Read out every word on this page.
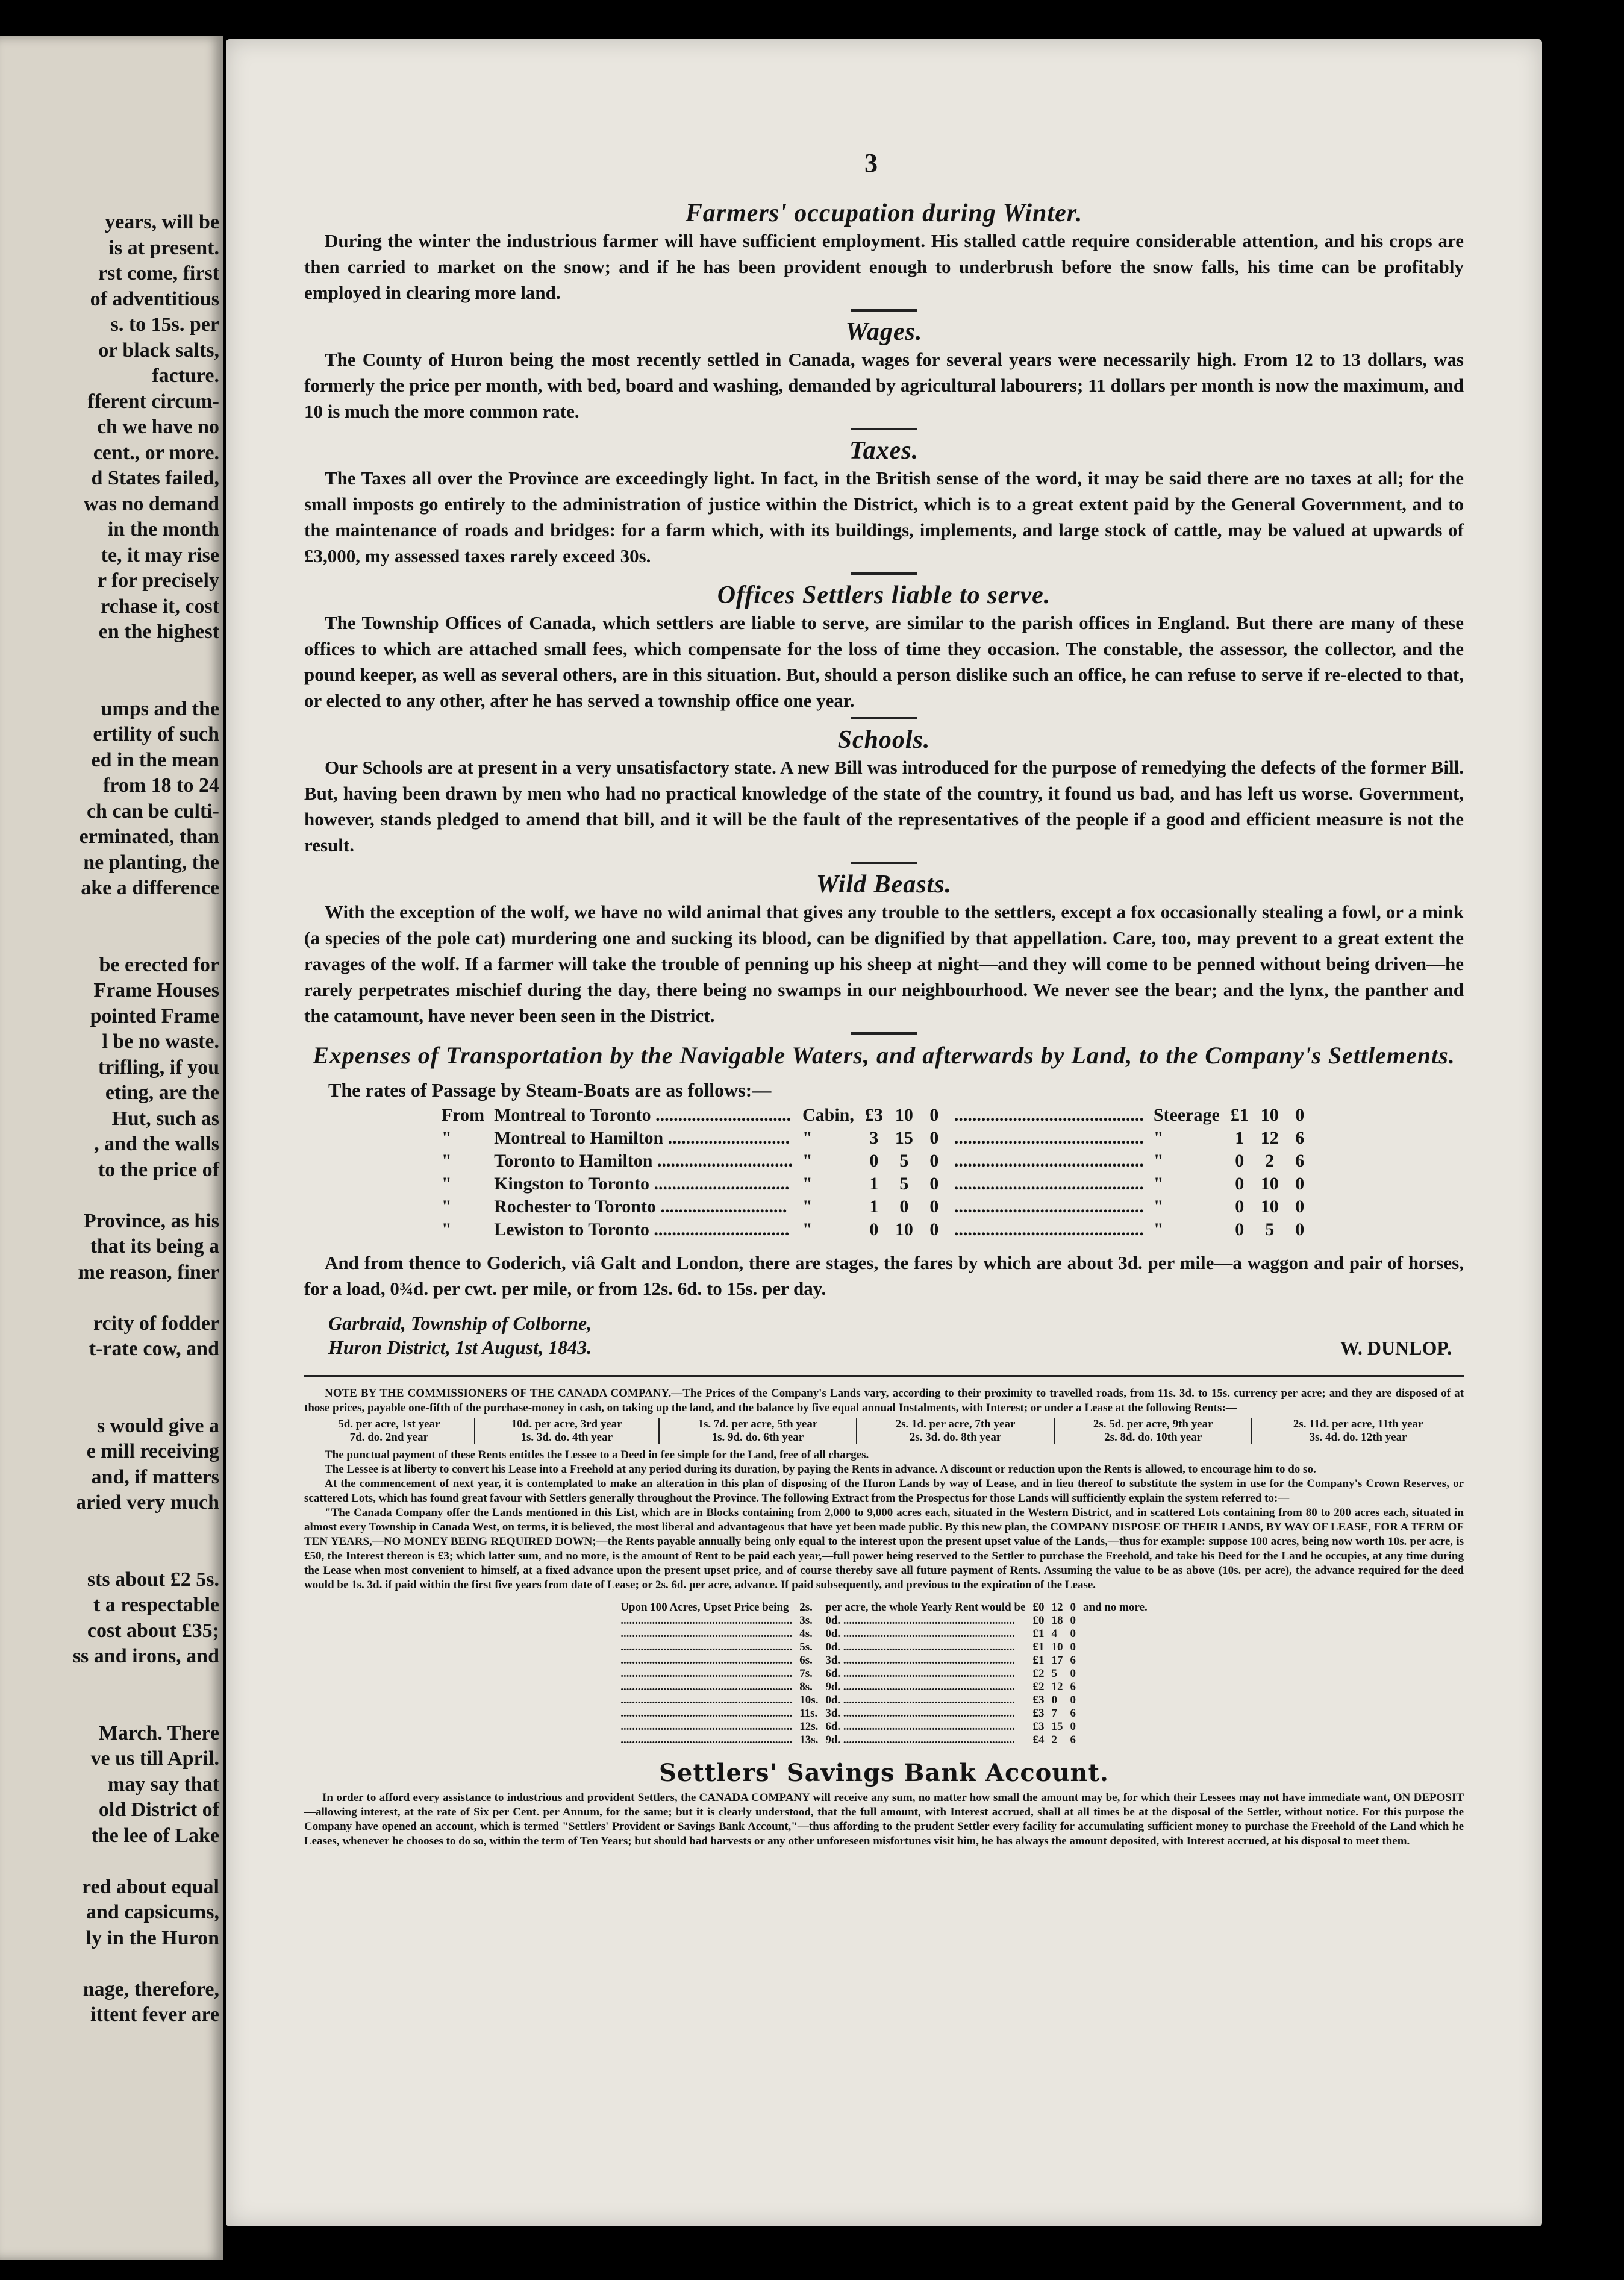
years, will be
is at present.
rst come, first
of adventitious
s. to 15s. per
or black salts,
facture.
fferent circum-
ch we have no
cent., or more.
d States failed,
was no demand
in the month
te, it may rise
r for precisely
rchase it, cost
en the highest
umps and the
ertility of such
ed in the mean
from 18 to 24
ch can be culti-
erminated, than
ne planting, the
ake a difference
be erected for
Frame Houses
pointed Frame
l be no waste.
trifling, if you
eting, are the
Hut, such as
, and the walls
to the price of
Province, as his
that its being a
me reason, finer
rcity of fodder
t-rate cow, and
s would give a
e mill receiving
and, if matters
aried very much
sts about £2 5s.
t a respectable
cost about £35;
ss and irons, and
March. There
ve us till April.
may say that
old District of
the lee of Lake
red about equal
and capsicums,
ly in the Huron
nage, therefore,
ittent fever are
3
Farmers' occupation during Winter.

During the winter the industrious farmer will have sufficient employment. His stalled cattle require considerable attention, and his crops are then carried to market on the snow; and if he has been provident enough to underbrush before the snow falls, his time can be profitably employed in clearing more land.

Wages.

The County of Huron being the most recently settled in Canada, wages for several years were necessarily high. From 12 to 13 dollars, was formerly the price per month, with bed, board and washing, demanded by agricultural labourers; 11 dollars per month is now the maximum, and 10 is much the more common rate.

Taxes.

The Taxes all over the Province are exceedingly light. In fact, in the British sense of the word, it may be said there are no taxes at all; for the small imposts go entirely to the administration of justice within the District, which is to a great extent paid by the General Government, and to the maintenance of roads and bridges: for a farm which, with its buildings, implements, and large stock of cattle, may be valued at upwards of £3,000, my assessed taxes rarely exceed 30s.

Offices Settlers liable to serve.

The Township Offices of Canada, which settlers are liable to serve, are similar to the parish offices in England. But there are many of these offices to which are attached small fees, which compensate for the loss of time they occasion. The constable, the assessor, the collector, and the pound keeper, as well as several others, are in this situation. But, should a person dislike such an office, he can refuse to serve if re-elected to that, or elected to any other, after he has served a township office one year.

Schools.

Our Schools are at present in a very unsatisfactory state. A new Bill was introduced for the purpose of remedying the defects of the former Bill. But, having been drawn by men who had no practical knowledge of the state of the country, it found us bad, and has left us worse. Government, however, stands pledged to amend that bill, and it will be the fault of the representatives of the people if a good and efficient measure is not the result.

Wild Beasts.

With the exception of the wolf, we have no wild animal that gives any trouble to the settlers, except a fox occasionally stealing a fowl, or a mink (a species of the pole cat) murdering one and sucking its blood, can be dignified by that appellation. Care, too, may prevent to a great extent the ravages of the wolf. If a farmer will take the trouble of penning up his sheep at night—and they will come to be penned without being driven—he rarely perpetrates mischief during the day, there being no swamps in our neighbourhood. We never see the bear; and the lynx, the panther and the catamount, have never been seen in the District.

Expenses of Transportation by the Navigable Waters, and afterwards by Land, to the Company's Settlements.
The rates of Passage by Steam-Boats are as follows:—
From	Montreal to Toronto ..............................	Cabin,	£3	10	0	..........................................	Steerage	£1	10	0
"	Montreal to Hamilton ...........................	"	3	15	0	..........................................	"	1	12	6
"	Toronto to Hamilton ..............................	"	0	5	0	..........................................	"	0	2	6
"	Kingston to Toronto ..............................	"	1	5	0	..........................................	"	0	10	0
"	Rochester to Toronto ............................	"	1	0	0	..........................................	"	0	10	0
"	Lewiston to Toronto ..............................	"	0	10	0	..........................................	"	0	5	0

And from thence to Goderich, viâ Galt and London, there are stages, the fares by which are about 3d. per mile—a waggon and pair of horses, for a load, 0¾d. per cwt. per mile, or from 12s. 6d. to 15s. per day.

Garbraid, Township of Colborne,
Huron District, 1st August, 1843.	W. DUNLOP.

NOTE BY THE COMMISSIONERS OF THE CANADA COMPANY.—The Prices of the Company's Lands vary, according to their proximity to travelled roads, from 11s. 3d. to 15s. currency per acre; and they are disposed of at those prices, payable one-fifth of the purchase-money in cash, on taking up the land, and the balance by five equal annual Instalments, with Interest; or under a Lease at the following Rents:—

5d. per acre, 1st year	10d. per acre, 3rd year	1s. 7d. per acre, 5th year	2s. 1d. per acre, 7th year	2s. 5d. per acre, 9th year	2s. 11d. per acre, 11th year
7d. do. 2nd year	1s. 3d. do. 4th year	1s. 9d. do. 6th year	2s. 3d. do. 8th year	2s. 8d. do. 10th year	3s. 4d. do. 12th year

The punctual payment of these Rents entitles the Lessee to a Deed in fee simple for the Land, free of all charges.

The Lessee is at liberty to convert his Lease into a Freehold at any period during its duration, by paying the Rents in advance. A discount or reduction upon the Rents is allowed, to encourage him to do so.

At the commencement of next year, it is contemplated to make an alteration in this plan of disposing of the Huron Lands by way of Lease, and in lieu thereof to substitute the system in use for the Company's Crown Reserves, or scattered Lots, which has found great favour with Settlers generally throughout the Province. The following Extract from the Prospectus for those Lands will sufficiently explain the system referred to:—

"The Canada Company offer the Lands mentioned in this List, which are in Blocks containing from 2,000 to 9,000 acres each, situated in the Western District, and in scattered Lots containing from 80 to 200 acres each, situated in almost every Township in Canada West, on terms, it is believed, the most liberal and advantageous that have yet been made public. By this new plan, the COMPANY DISPOSE OF THEIR LANDS, BY WAY OF LEASE, FOR A TERM OF TEN YEARS,—NO MONEY BEING REQUIRED DOWN;—the Rents payable annually being only equal to the interest upon the present upset value of the Lands,—thus for example: suppose 100 acres, being now worth 10s. per acre, is £50, the Interest thereon is £3; which latter sum, and no more, is the amount of Rent to be paid each year,—full power being reserved to the Settler to purchase the Freehold, and take his Deed for the Land he occupies, at any time during the Lease when most convenient to himself, at a fixed advance upon the present upset price, and of course thereby save all future payment of Rents. Assuming the value to be as above (10s. per acre), the advance required for the deed would be 1s. 3d. if paid within the first five years from date of Lease; or 2s. 6d. per acre, advance. If paid subsequently, and previous to the expiration of the Lease.

Upon 100 Acres, Upset Price being	2s.	per acre, the whole Yearly Rent would be	£0	12	0	and no more.
............................................................	3s.	0d. ............................................................	£0	18	0	
............................................................	4s.	0d. ............................................................	£1	4	0	
............................................................	5s.	0d. ............................................................	£1	10	0	
............................................................	6s.	3d. ............................................................	£1	17	6	
............................................................	7s.	6d. ............................................................	£2	5	0	
............................................................	8s.	9d. ............................................................	£2	12	6	
............................................................	10s.	0d. ............................................................	£3	0	0	
............................................................	11s.	3d. ............................................................	£3	7	6	
............................................................	12s.	6d. ............................................................	£3	15	0	
............................................................	13s.	9d. ............................................................	£4	2	6	
Settlers' Savings Bank Account.

In order to afford every assistance to industrious and provident Settlers, the CANADA COMPANY will receive any sum, no matter how small the amount may be, for which their Lessees may not have immediate want, ON DEPOSIT—allowing interest, at the rate of Six per Cent. per Annum, for the same; but it is clearly understood, that the full amount, with Interest accrued, shall at all times be at the disposal of the Settler, without notice. For this purpose the Company have opened an account, which is termed "Settlers' Provident or Savings Bank Account,"—thus affording to the prudent Settler every facility for accumulating sufficient money to purchase the Freehold of the Land which he Leases, whenever he chooses to do so, within the term of Ten Years; but should bad harvests or any other unforeseen misfortunes visit him, he has always the amount deposited, with Interest accrued, at his disposal to meet them.
